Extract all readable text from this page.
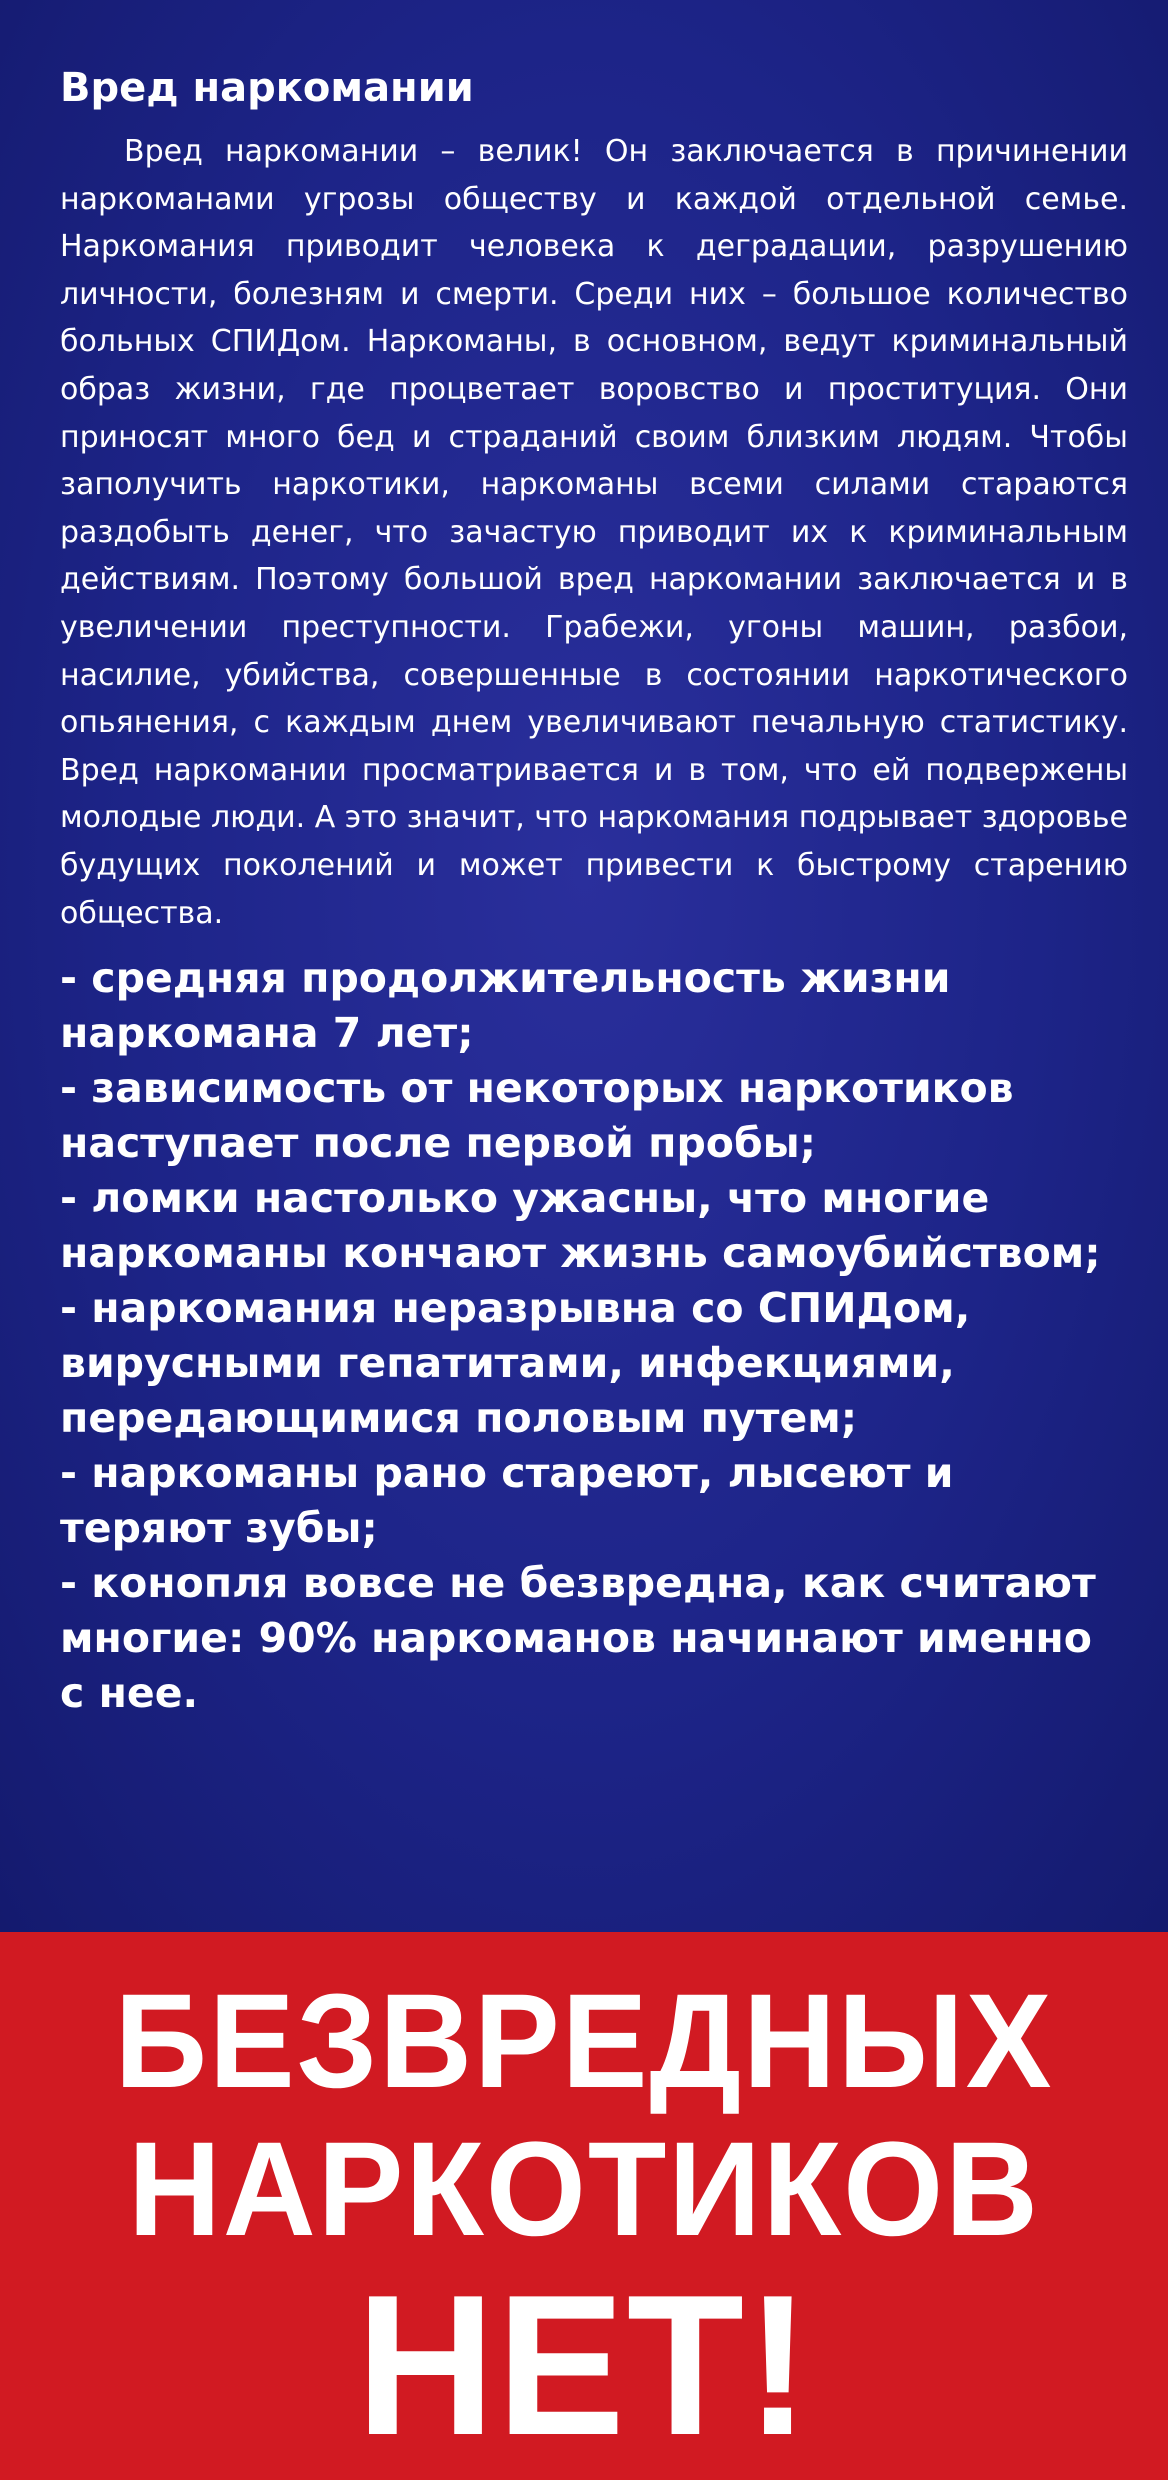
Вред наркомании

Вред наркомании – велик! Он заключается в причинении наркоманами угрозы обществу и каждой отдельной семье. Наркомания приводит человека к деградации, разрушению личности, болезням и смерти. Среди них – большое количество больных СПИДом. Наркоманы, в основном, ведут криминальный образ жизни, где процветает воровство и проституция. Они приносят много бед и страданий своим близким людям. Чтобы заполучить наркотики, наркоманы всеми силами стараются раздобыть денег, что зачастую приводит их к криминальным действиям. Поэтому большой вред наркомании заключается и в увеличении преступности. Грабежи, угоны машин, разбои, насилие, убийства, совершенные в состоянии наркотического опьянения, с каждым днем увеличивают печальную статистику. Вред наркомании просматривается и в том, что ей подвержены молодые люди. А это значит, что наркомания подрывает здоровье будущих поколений и может привести к быстрому старению общества.

- средняя продолжительность жизни наркомана 7 лет;
- зависимость от некоторых наркотиков наступает после первой пробы;
- ломки настолько ужасны, что многие наркоманы кончают жизнь самоубийством;
- наркомания неразрывна со СПИДом, вирусными гепатитами, инфекциями, передающимися половым путем;
- наркоманы рано стареют, лысеют и теряют зубы;
- конопля вовсе не безвредна, как считают многие: 90% наркоманов начинают именно с нее.
БЕЗВРЕДНЫХ
НАРКОТИКОВ
НЕТ!
